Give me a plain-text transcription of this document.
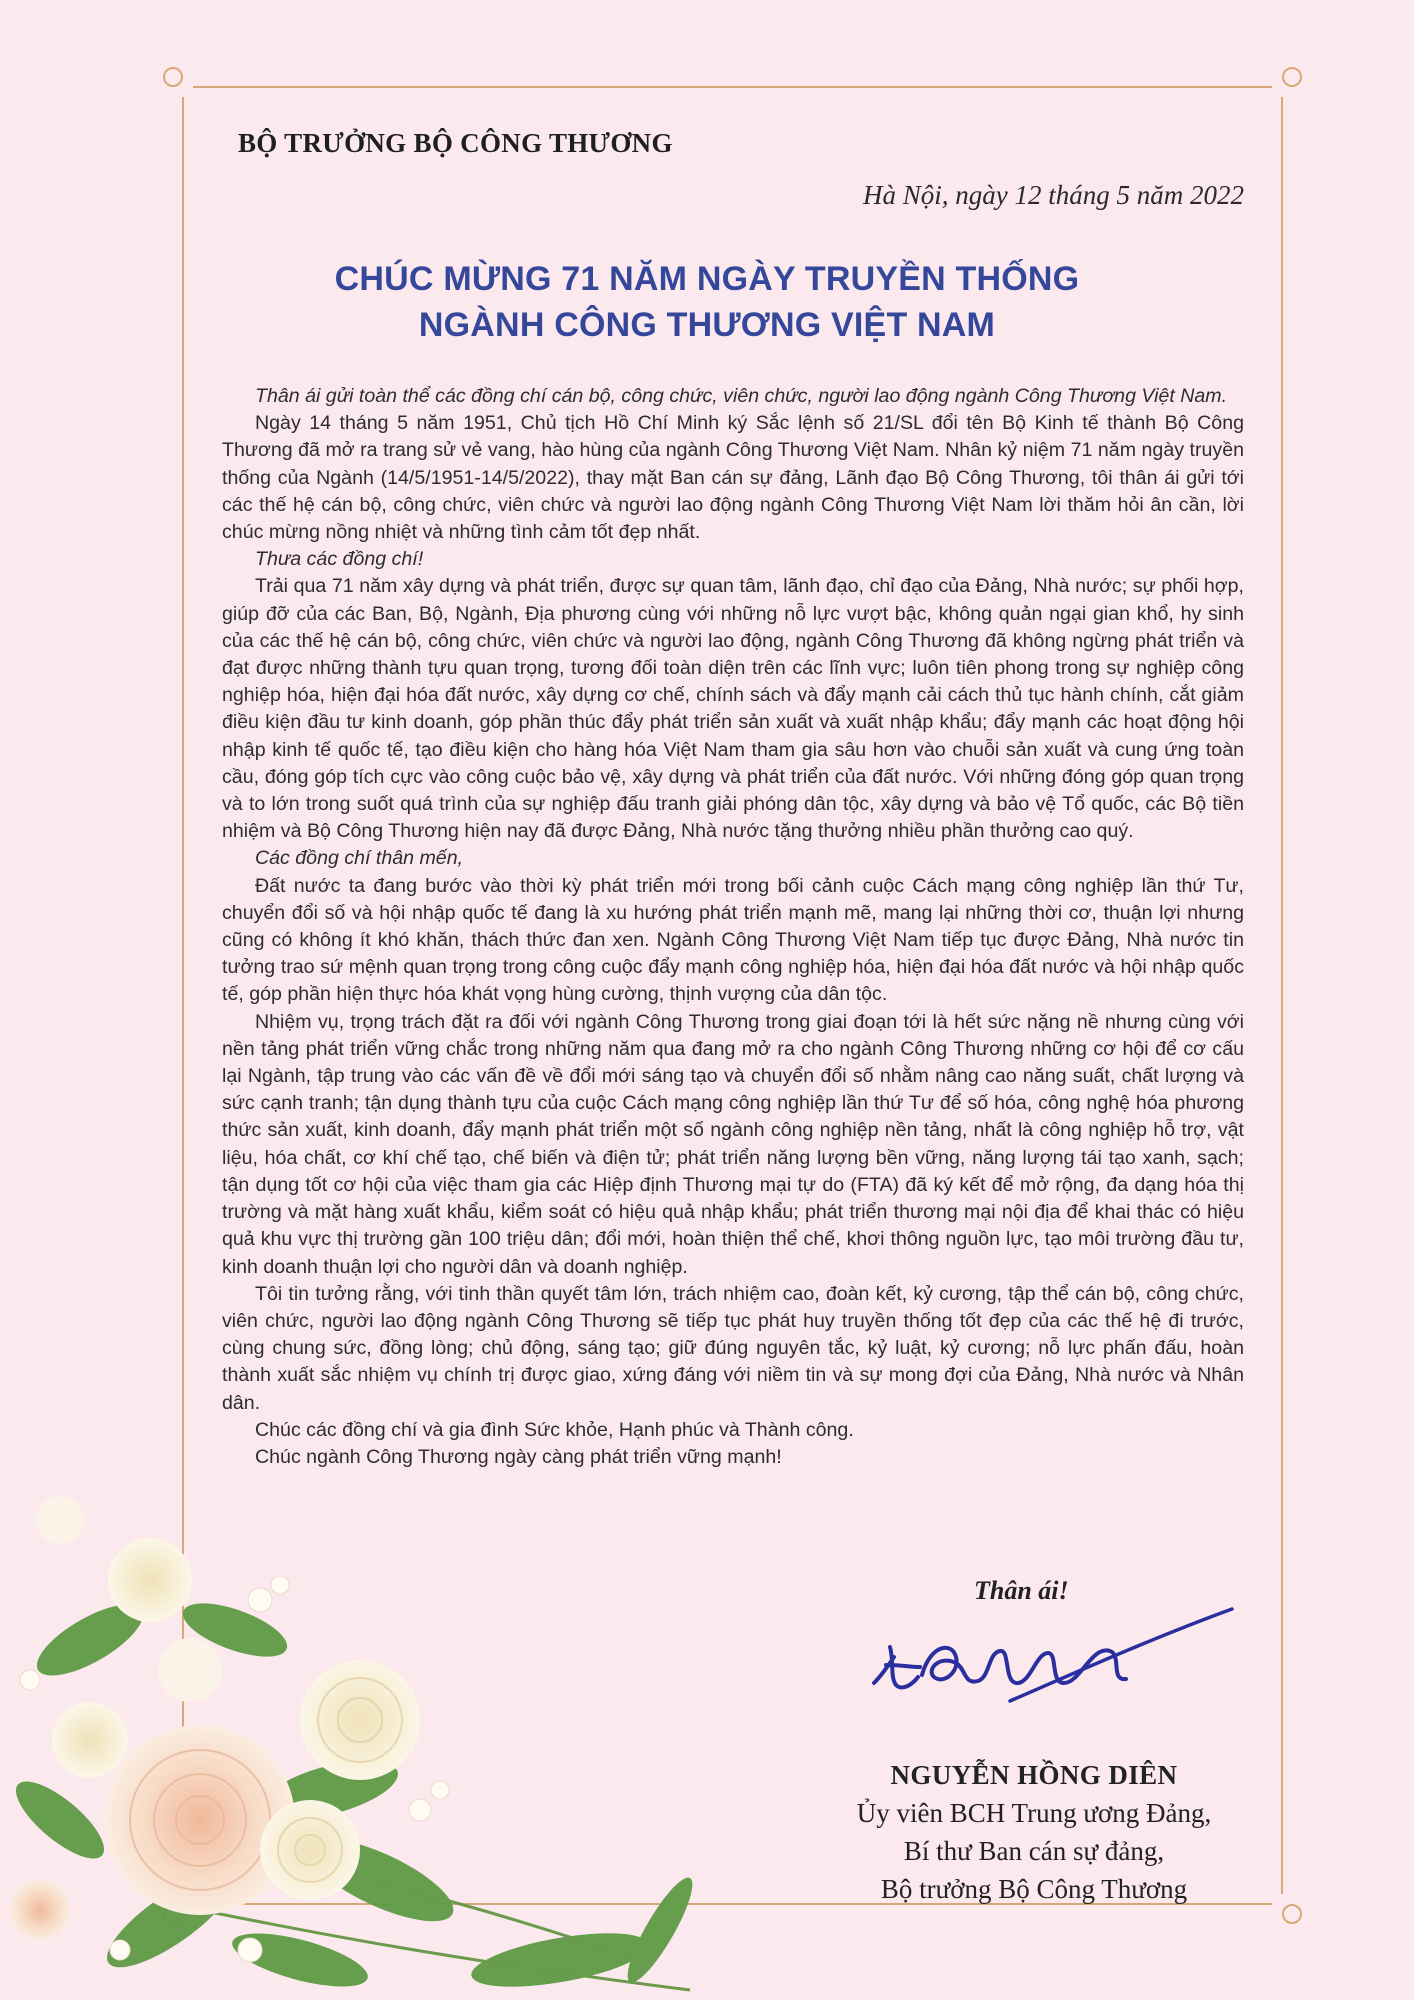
BỘ TRƯỞNG BỘ CÔNG THƯƠNG
Hà Nội, ngày 12 tháng 5 năm 2022
CHÚC MỪNG 71 NĂM NGÀY TRUYỀN THỐNG
NGÀNH CÔNG THƯƠNG VIỆT NAM

Thân ái gửi toàn thể các đồng chí cán bộ, công chức, viên chức, người lao động ngành Công Thương Việt Nam.

Ngày 14 tháng 5 năm 1951, Chủ tịch Hồ Chí Minh ký Sắc lệnh số 21/SL đổi tên Bộ Kinh tế thành Bộ Công Thương đã mở ra trang sử vẻ vang, hào hùng của ngành Công Thương Việt Nam. Nhân kỷ niệm 71 năm ngày truyền thống của Ngành (14/5/1951-14/5/2022), thay mặt Ban cán sự đảng, Lãnh đạo Bộ Công Thương, tôi thân ái gửi tới các thế hệ cán bộ, công chức, viên chức và người lao động ngành Công Thương Việt Nam lời thăm hỏi ân cần, lời chúc mừng nồng nhiệt và những tình cảm tốt đẹp nhất.

Thưa các đồng chí!

Trải qua 71 năm xây dựng và phát triển, được sự quan tâm, lãnh đạo, chỉ đạo của Đảng, Nhà nước; sự phối hợp, giúp đỡ của các Ban, Bộ, Ngành, Địa phương cùng với những nỗ lực vượt bậc, không quản ngại gian khổ, hy sinh của các thế hệ cán bộ, công chức, viên chức và người lao động, ngành Công Thương đã không ngừng phát triển và đạt được những thành tựu quan trọng, tương đối toàn diện trên các lĩnh vực; luôn tiên phong trong sự nghiệp công nghiệp hóa, hiện đại hóa đất nước, xây dựng cơ chế, chính sách và đẩy mạnh cải cách thủ tục hành chính, cắt giảm điều kiện đầu tư kinh doanh, góp phần thúc đẩy phát triển sản xuất và xuất nhập khẩu; đẩy mạnh các hoạt động hội nhập kinh tế quốc tế, tạo điều kiện cho hàng hóa Việt Nam tham gia sâu hơn vào chuỗi sản xuất và cung ứng toàn cầu, đóng góp tích cực vào công cuộc bảo vệ, xây dựng và phát triển của đất nước. Với những đóng góp quan trọng và to lớn trong suốt quá trình của sự nghiệp đấu tranh giải phóng dân tộc, xây dựng và bảo vệ Tổ quốc, các Bộ tiền nhiệm và Bộ Công Thương hiện nay đã được Đảng, Nhà nước tặng thưởng nhiều phần thưởng cao quý.

Các đồng chí thân mến,

Đất nước ta đang bước vào thời kỳ phát triển mới trong bối cảnh cuộc Cách mạng công nghiệp lần thứ Tư, chuyển đổi số và hội nhập quốc tế đang là xu hướng phát triển mạnh mẽ, mang lại những thời cơ, thuận lợi nhưng cũng có không ít khó khăn, thách thức đan xen. Ngành Công Thương Việt Nam tiếp tục được Đảng, Nhà nước tin tưởng trao sứ mệnh quan trọng trong công cuộc đẩy mạnh công nghiệp hóa, hiện đại hóa đất nước và hội nhập quốc tế, góp phần hiện thực hóa khát vọng hùng cường, thịnh vượng của dân tộc.

Nhiệm vụ, trọng trách đặt ra đối với ngành Công Thương trong giai đoạn tới là hết sức nặng nề nhưng cùng với nền tảng phát triển vững chắc trong những năm qua đang mở ra cho ngành Công Thương những cơ hội để cơ cấu lại Ngành, tập trung vào các vấn đề về đổi mới sáng tạo và chuyển đổi số nhằm nâng cao năng suất, chất lượng và sức cạnh tranh; tận dụng thành tựu của cuộc Cách mạng công nghiệp lần thứ Tư để số hóa, công nghệ hóa phương thức sản xuất, kinh doanh, đẩy mạnh phát triển một số ngành công nghiệp nền tảng, nhất là công nghiệp hỗ trợ, vật liệu, hóa chất, cơ khí chế tạo, chế biến và điện tử; phát triển năng lượng bền vững, năng lượng tái tạo xanh, sạch; tận dụng tốt cơ hội của việc tham gia các Hiệp định Thương mại tự do (FTA) đã ký kết để mở rộng, đa dạng hóa thị trường và mặt hàng xuất khẩu, kiểm soát có hiệu quả nhập khẩu; phát triển thương mại nội địa để khai thác có hiệu quả khu vực thị trường gần 100 triệu dân; đổi mới, hoàn thiện thể chế, khơi thông nguồn lực, tạo môi trường đầu tư, kinh doanh thuận lợi cho người dân và doanh nghiệp.

Tôi tin tưởng rằng, với tinh thần quyết tâm lớn, trách nhiệm cao, đoàn kết, kỷ cương, tập thể cán bộ, công chức, viên chức, người lao động ngành Công Thương sẽ tiếp tục phát huy truyền thống tốt đẹp của các thế hệ đi trước, cùng chung sức, đồng lòng; chủ động, sáng tạo; giữ đúng nguyên tắc, kỷ luật, kỷ cương; nỗ lực phấn đấu, hoàn thành xuất sắc nhiệm vụ chính trị được giao, xứng đáng với niềm tin và sự mong đợi của Đảng, Nhà nước và Nhân dân.

Chúc các đồng chí và gia đình Sức khỏe, Hạnh phúc và Thành công.

Chúc ngành Công Thương ngày càng phát triển vững mạnh!

Thân ái!
NGUYỄN HỒNG DIÊN
Ủy viên BCH Trung ương Đảng,
Bí thư Ban cán sự đảng,
Bộ trưởng Bộ Công Thương
